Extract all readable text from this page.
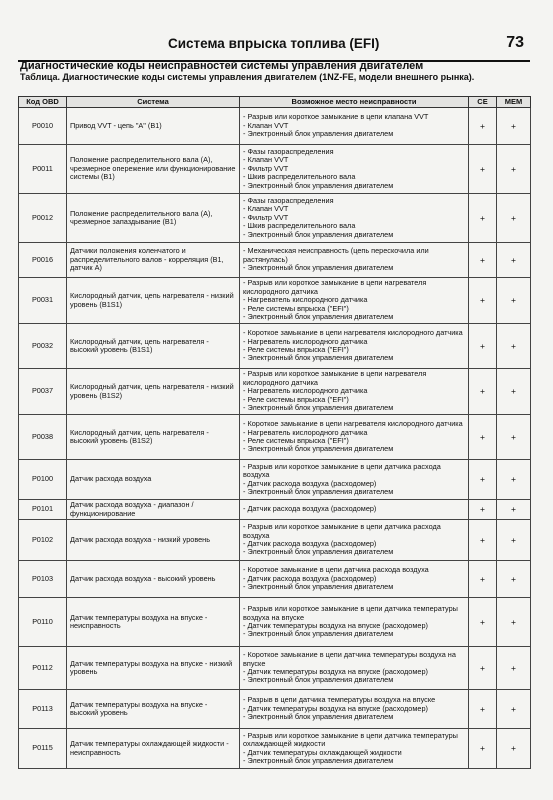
Система впрыска топлива (EFI)	73
Диагностические коды неисправностей системы управления двигателем
Таблица. Диагностические коды системы управления двигателем (1NZ-FE, модели внешнего рынка).
Код OBD	Система	Возможное место неисправности	CE	MEM
P0010	Привод VVT - цепь "A" (B1)	- Разрыв или короткое замыкание в цепи клапана VVT
- Клапан VVT
- Электронный блок управления двигателем	+	+
P0011	Положение распределительного вала (A), чрезмерное опережение или функционирование системы (B1)	- Фазы газораспределения
- Клапан VVT
- Фильтр VVT
- Шкив распределительного вала
- Электронный блок управления двигателем	+	+
P0012	Положение распределительного вала (A), чрезмерное запаздывание (B1)	- Фазы газораспределения
- Клапан VVT
- Фильтр VVT
- Шкив распределительного вала
- Электронный блок управления двигателем	+	+
P0016	Датчики положения коленчатого и распределительного валов - корреляция (B1, датчик A)	- Механическая неисправность (цепь перескочила или растянулась)
- Электронный блок управления двигателем	+	+
P0031	Кислородный датчик, цепь нагревателя - низкий уровень (B1S1)	- Разрыв или короткое замыкание в цепи нагревателя кислородного датчика
- Нагреватель кислородного датчика
- Реле системы впрыска ("EFI")
- Электронный блок управления двигателем	+	+
P0032	Кислородный датчик, цепь нагревателя - высокий уровень (B1S1)	- Короткое замыкание в цепи нагревателя кислородного датчика
- Нагреватель кислородного датчика
- Реле системы впрыска ("EFI")
- Электронный блок управления двигателем	+	+
P0037	Кислородный датчик, цепь нагревателя - низкий уровень (B1S2)	- Разрыв или короткое замыкание в цепи нагревателя кислородного датчика
- Нагреватель кислородного датчика
- Реле системы впрыска ("EFI")
- Электронный блок управления двигателем	+	+
P0038	Кислородный датчик, цепь нагревателя - высокий уровень (B1S2)	- Короткое замыкание в цепи нагревателя кислородного датчика
- Нагреватель кислородного датчика
- Реле системы впрыска ("EFI")
- Электронный блок управления двигателем	+	+
P0100	Датчик расхода воздуха	- Разрыв или короткое замыкание в цепи датчика расхода воздуха
- Датчик расхода воздуха (расходомер)
- Электронный блок управления двигателем	+	+
P0101	Датчик расхода воздуха - диапазон / функционирование	- Датчик расхода воздуха (расходомер)	+	+
P0102	Датчик расхода воздуха - низкий уровень	- Разрыв или короткое замыкание в цепи датчика расхода воздуха
- Датчик расхода воздуха (расходомер)
- Электронный блок управления двигателем	+	+
P0103	Датчик расхода воздуха - высокий уровень	- Короткое замыкание в цепи датчика расхода воздуха
- Датчик расхода воздуха (расходомер)
- Электронный блок управления двигателем	+	+
P0110	Датчик температуры воздуха на впуске - неисправность	- Разрыв или короткое замыкание в цепи датчика температуры воздуха на впуске
- Датчик температуры воздуха на впуске (расходомер)
- Электронный блок управления двигателем	+	+
P0112	Датчик температуры воздуха на впуске - низкий уровень	- Короткое замыкание в цепи датчика температуры воздуха на впуске
- Датчик температуры воздуха на впуске (расходомер)
- Электронный блок управления двигателем	+	+
P0113	Датчик температуры воздуха на впуске - высокий уровень	- Разрыв в цепи датчика температуры воздуха на впуске
- Датчик температуры воздуха на впуске (расходомер)
- Электронный блок управления двигателем	+	+
P0115	Датчик температуры охлаждающей жидкости - неисправность	- Разрыв или короткое замыкание в цепи датчика температуры охлаждающей жидкости
- Датчик температуры охлаждающей жидкости
- Электронный блок управления двигателем	+	+
